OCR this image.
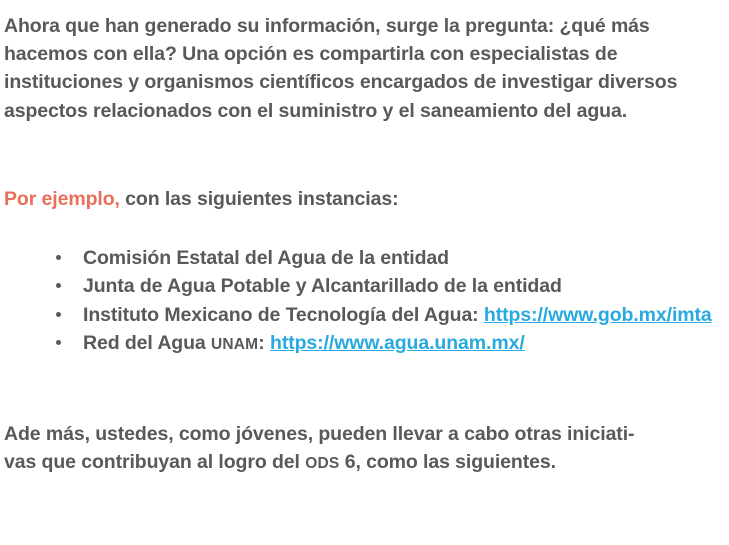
Ahora que han generado su información, surge la pregunta: ¿qué más hacemos con ella? Una opción es compartirla con especialistas de instituciones y organismos científicos encargados de investigar diversos aspectos relacionados con el suministro y el saneamiento del agua.

Por ejemplo, con las siguientes instancias:

Comisión Estatal del Agua de la entidad
Junta de Agua Potable y Alcantarillado de la entidad
Instituto Mexicano de Tecnología del Agua: https://www.gob.mx/imta
Red del Agua UNAM: https://www.agua.unam.mx/

Ade más, ustedes, como jóvenes, pueden llevar a cabo otras iniciati-
vas que contribuyan al logro del ODS 6, como las siguientes.
